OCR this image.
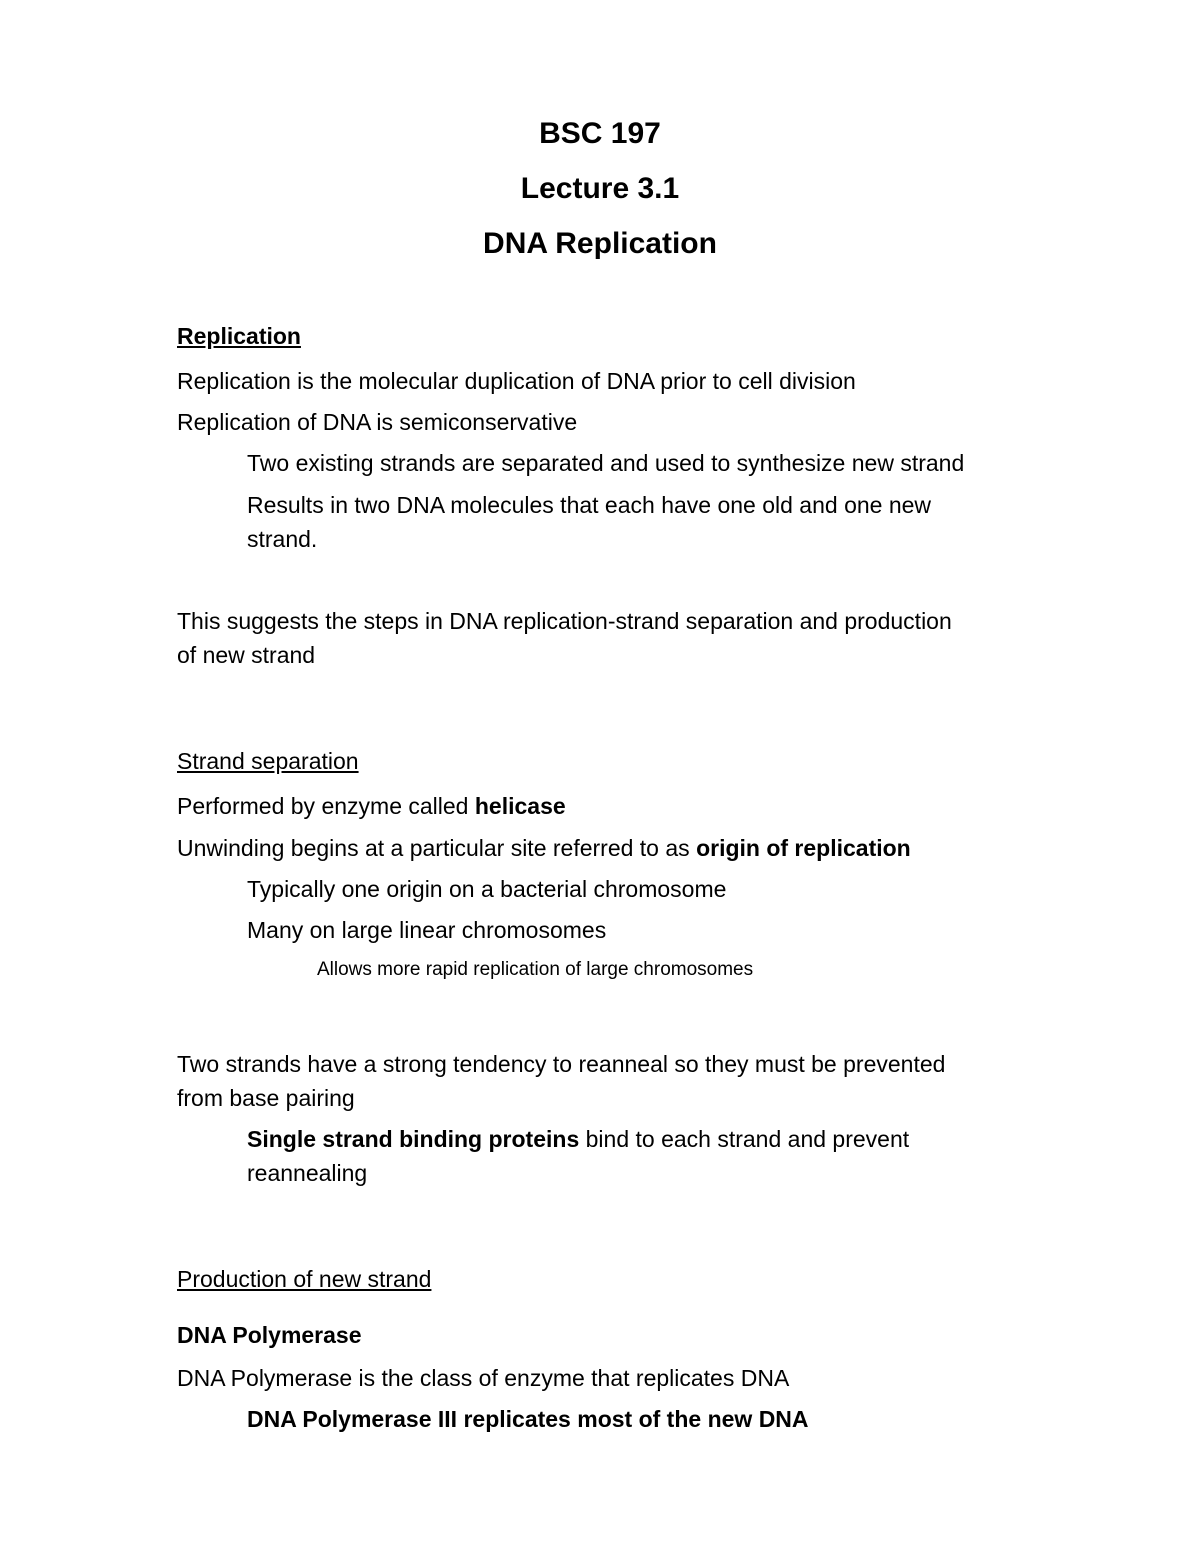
BSC 197
Lecture 3.1
DNA Replication
Replication
Replication is the molecular duplication of DNA prior to cell division
Replication of DNA is semiconservative
Two existing strands are separated and used to synthesize new strand
Results in two DNA molecules that each have one old and one new
strand.
This suggests the steps in DNA replication-strand separation and production
of new strand
Strand separation
Performed by enzyme called helicase
Unwinding begins at a particular site referred to as origin of replication
Typically one origin on a bacterial chromosome
Many on large linear chromosomes
Allows more rapid replication of large chromosomes
Two strands have a strong tendency to reanneal so they must be prevented
from base pairing
Single strand binding proteins bind to each strand and prevent
reannealing
Production of new strand
DNA Polymerase
DNA Polymerase is the class of enzyme that replicates DNA
DNA Polymerase III replicates most of the new DNA
